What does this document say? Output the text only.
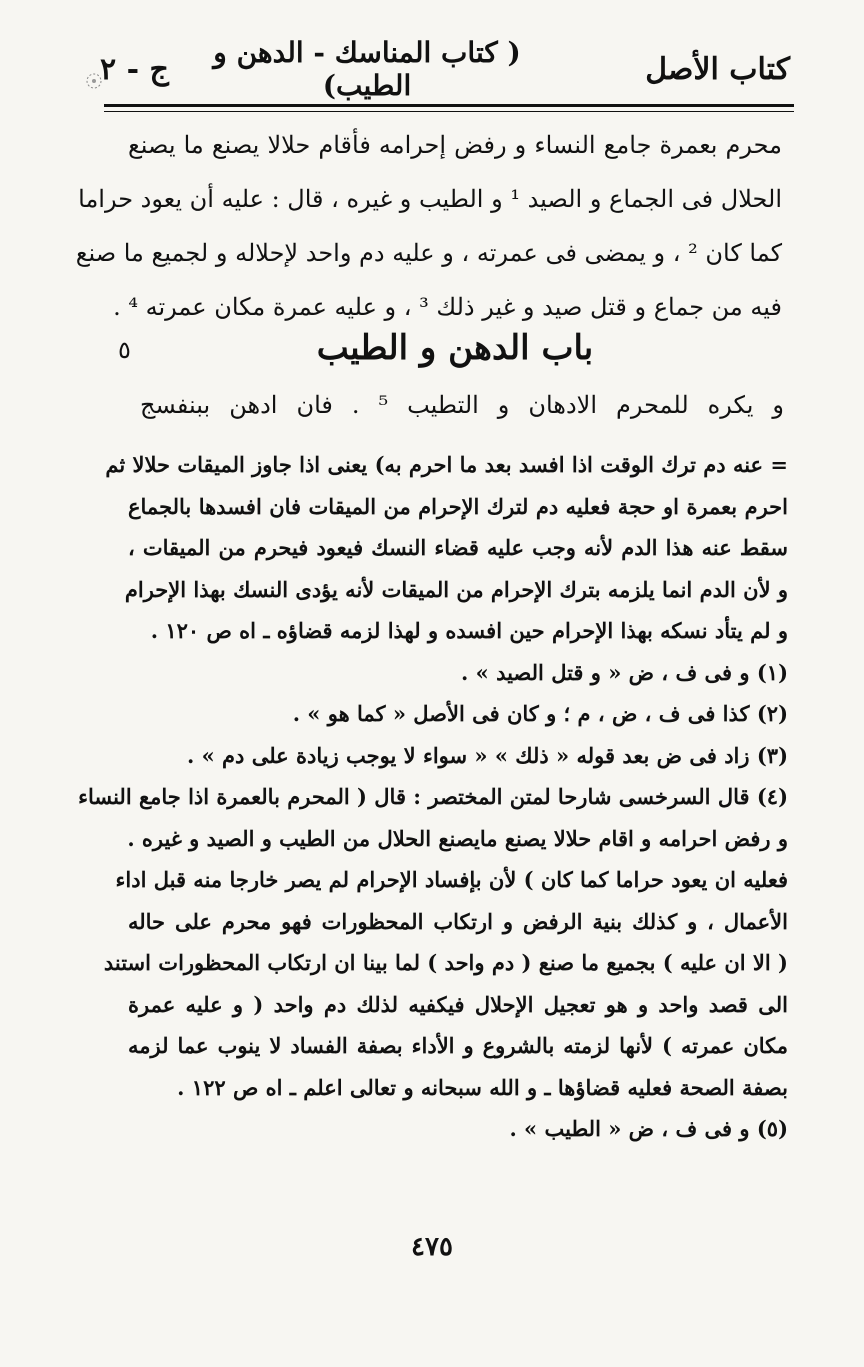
كتاب الأصل
( كتاب المناسك - الدهن و الطيب)
ج - ٢
محرم بعمرة جامع النساء و رفض إحرامه فأقام حلالا يصنع ما يصنع
الحلال فى الجماع و الصيد ¹ و الطيب و غيره ، قال : عليه أن يعود حراما
كما كان ² ، و يمضى فى عمرته ، و عليه دم واحد لإحلاله و لجميع ما صنع
فيه من جماع و قتل صيد و غير ذلك ³ ، و عليه عمرة مكان عمرته ⁴ .
باب الدهن و الطيب
٥
و يكره للمحرم الادهان و التطيب ⁵ . فان ادهن ببنفسج
= عنه دم ترك الوقت اذا افسد بعد ما احرم به) يعنى اذا جاوز الميقات حلالا ثم
احرم بعمرة او حجة فعليه دم لترك الإحرام من الميقات فان افسدها بالجماع
سقط عنه هذا الدم لأنه وجب عليه قضاء النسك فيعود فيحرم من الميقات ،
و لأن الدم انما يلزمه بترك الإحرام من الميقات لأنه يؤدى النسك بهذا الإحرام
و لم يتأد نسكه بهذا الإحرام حين افسده و لهذا لزمه قضاؤه ـ اه ص ١٢٠ .
(١) و فى ف ، ض « و قتل الصيد » .
(٢) كذا فى ف ، ض ، م ؛ و كان فى الأصل « كما هو » .
(٣) زاد فى ض بعد قوله « ذلك » « سواء لا يوجب زيادة على دم » .
(٤) قال السرخسى شارحا لمتن المختصر : قال ( المحرم بالعمرة اذا جامع النساء
و رفض احرامه و اقام حلالا يصنع مايصنع الحلال من الطيب و الصيد و غيره .
فعليه ان يعود حراما كما كان ) لأن بإفساد الإحرام لم يصر خارجا منه قبل اداء
الأعمال ، و كذلك بنية الرفض و ارتكاب المحظورات فهو محرم على حاله
( الا ان عليه ) بجميع ما صنع ( دم واحد ) لما بينا ان ارتكاب المحظورات استند
الى قصد واحد و هو تعجيل الإحلال فيكفيه لذلك دم واحد ( و عليه عمرة
مكان عمرته ) لأنها لزمته بالشروع و الأداء بصفة الفساد لا ينوب عما لزمه
بصفة الصحة فعليه قضاؤها ـ و الله سبحانه و تعالى اعلم ـ اه ص ١٢٢ .
(٥) و فى ف ، ض « الطيب » .
٤٧٥
